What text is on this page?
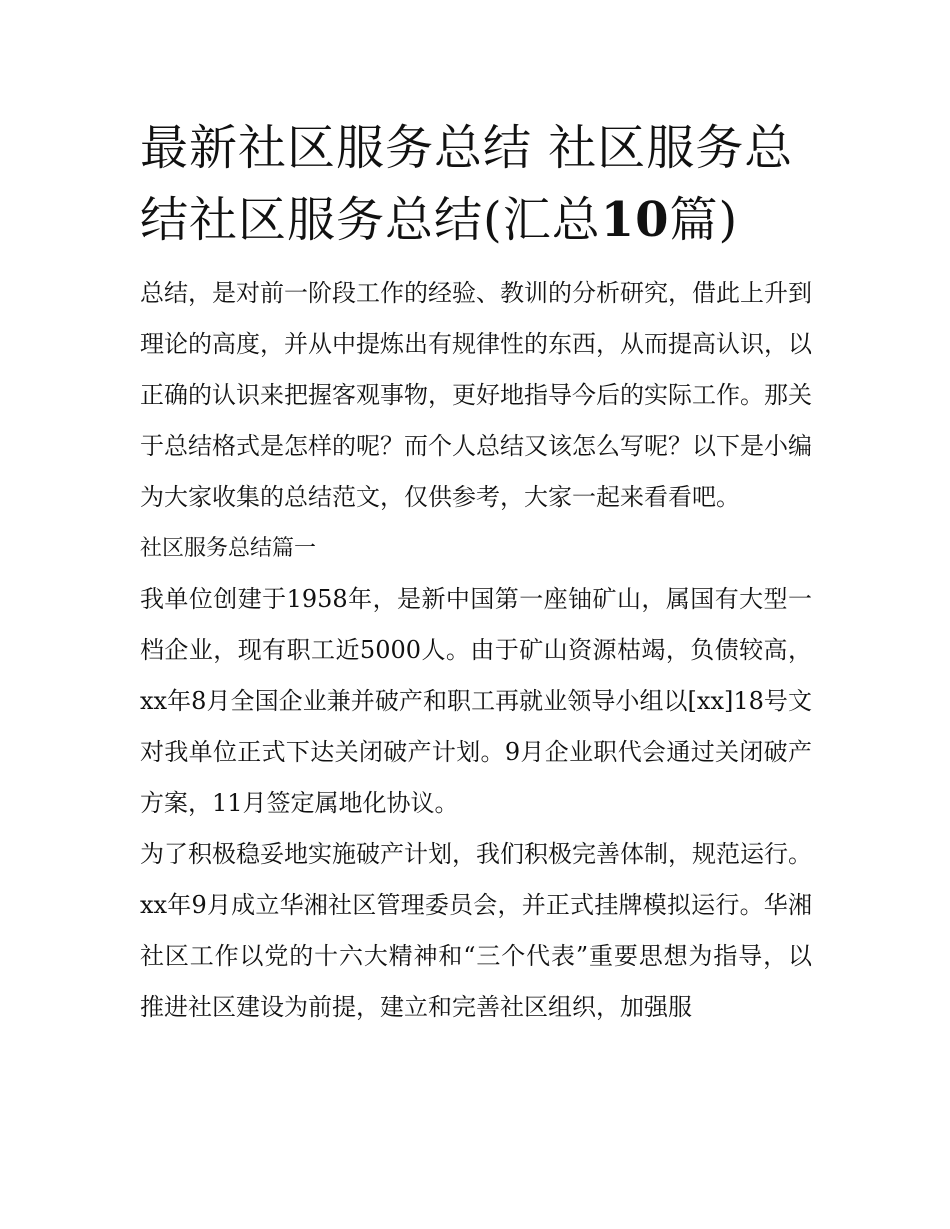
最新社区服务总结 社区服务总结社区服务总结(汇总10篇)

总结，是对前一阶段工作的经验、教训的分析研究，借此上升到理论的高度，并从中提炼出有规律性的东西，从而提高认识，以正确的认识来把握客观事物，更好地指导今后的实际工作。那关于总结格式是怎样的呢？而个人总结又该怎么写呢？以下是小编为大家收集的总结范文，仅供参考，大家一起来看看吧。

社区服务总结篇一

我单位创建于1958年，是新中国第一座铀矿山，属国有大型一档企业，现有职工近5000人。由于矿山资源枯竭，负债较高，xx年8月全国企业兼并破产和职工再就业领导小组以[xx]18号文对我单位正式下达关闭破产计划。9月企业职代会通过关闭破产方案，11月签定属地化协议。

为了积极稳妥地实施破产计划，我们积极完善体制，规范运行。xx年9月成立华湘社区管理委员会，并正式挂牌模拟运行。华湘社区工作以党的十六大精神和“三个代表”重要思想为指导，以推进社区建设为前提，建立和完善社区组织，加强服
